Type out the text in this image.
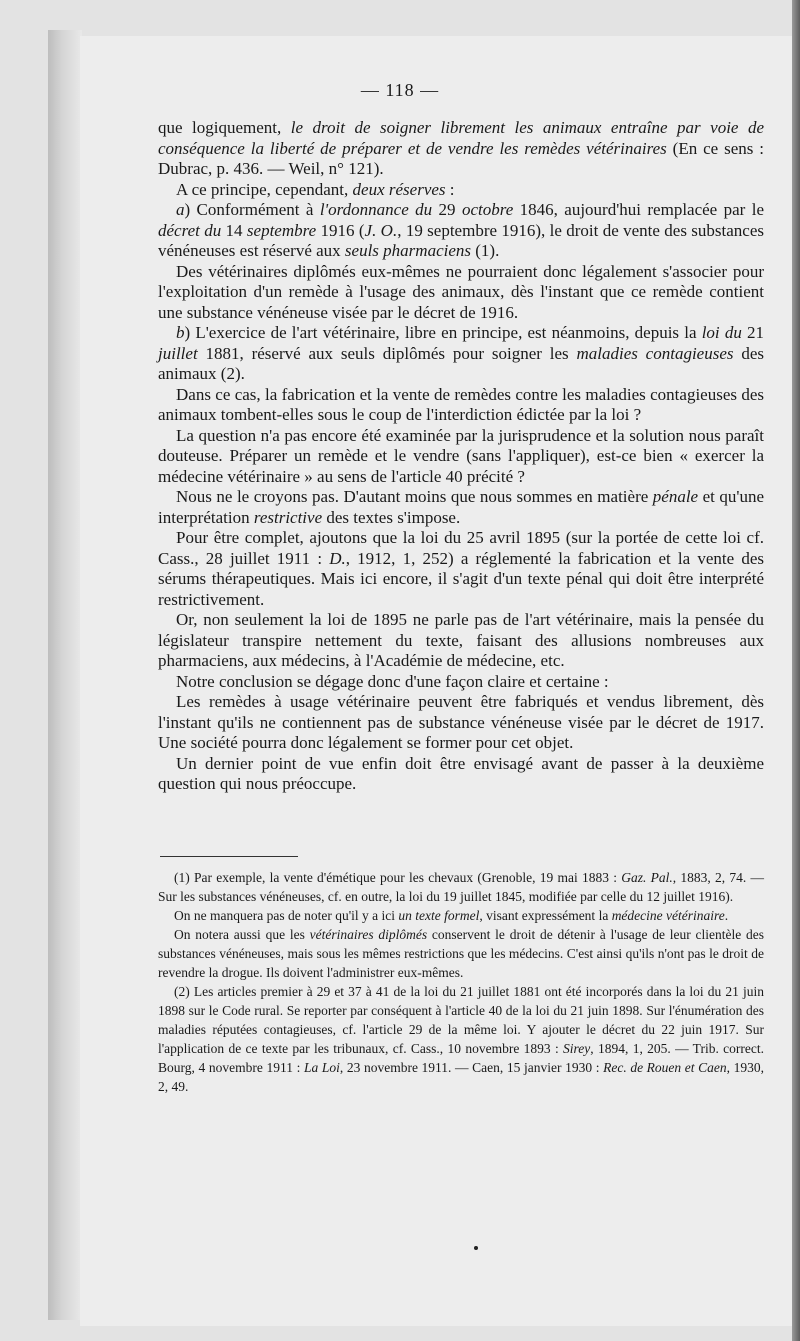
— 118 —

que logiquement, le droit de soigner librement les animaux entraîne par voie de conséquence la liberté de préparer et de vendre les remèdes vétérinaires (En ce sens : Dubrac, p. 436. — Weil, n° 121).

A ce principe, cependant, deux réserves :

a) Conformément à l'ordonnance du 29 octobre 1846, aujourd'hui remplacée par le décret du 14 septembre 1916 (J. O., 19 septembre 1916), le droit de vente des substances vénéneuses est réservé aux seuls pharmaciens (1).

Des vétérinaires diplômés eux-mêmes ne pourraient donc légalement s'associer pour l'exploitation d'un remède à l'usage des animaux, dès l'instant que ce remède contient une substance vénéneuse visée par le décret de 1916.

b) L'exercice de l'art vétérinaire, libre en principe, est néanmoins, depuis la loi du 21 juillet 1881, réservé aux seuls diplômés pour soigner les maladies contagieuses des animaux (2).

Dans ce cas, la fabrication et la vente de remèdes contre les maladies contagieuses des animaux tombent-elles sous le coup de l'interdiction édictée par la loi ?

La question n'a pas encore été examinée par la jurisprudence et la solution nous paraît douteuse. Préparer un remède et le vendre (sans l'appliquer), est-ce bien « exercer la médecine vétérinaire » au sens de l'article 40 précité ?

Nous ne le croyons pas. D'autant moins que nous sommes en matière pénale et qu'une interprétation restrictive des textes s'impose.

Pour être complet, ajoutons que la loi du 25 avril 1895 (sur la portée de cette loi cf. Cass., 28 juillet 1911 : D., 1912, 1, 252) a réglementé la fabrication et la vente des sérums thérapeutiques. Mais ici encore, il s'agit d'un texte pénal qui doit être interprété restrictivement.

Or, non seulement la loi de 1895 ne parle pas de l'art vétérinaire, mais la pensée du législateur transpire nettement du texte, faisant des allusions nombreuses aux pharmaciens, aux médecins, à l'Académie de médecine, etc.

Notre conclusion se dégage donc d'une façon claire et certaine :

Les remèdes à usage vétérinaire peuvent être fabriqués et vendus librement, dès l'instant qu'ils ne contiennent pas de substance vénéneuse visée par le décret de 1917. Une société pourra donc légalement se former pour cet objet.

Un dernier point de vue enfin doit être envisagé avant de passer à la deuxième question qui nous préoccupe.

(1) Par exemple, la vente d'émétique pour les chevaux (Grenoble, 19 mai 1883 : Gaz. Pal., 1883, 2, 74. — Sur les substances vénéneuses, cf. en outre, la loi du 19 juillet 1845, modifiée par celle du 12 juillet 1916).

On ne manquera pas de noter qu'il y a ici un texte formel, visant expressément la médecine vétérinaire.

On notera aussi que les vétérinaires diplômés conservent le droit de détenir à l'usage de leur clientèle des substances vénéneuses, mais sous les mêmes restrictions que les médecins. C'est ainsi qu'ils n'ont pas le droit de revendre la drogue. Ils doivent l'administrer eux-mêmes.

(2) Les articles premier à 29 et 37 à 41 de la loi du 21 juillet 1881 ont été incorporés dans la loi du 21 juin 1898 sur le Code rural. Se reporter par conséquent à l'article 40 de la loi du 21 juin 1898. Sur l'énumération des maladies réputées contagieuses, cf. l'article 29 de la même loi. Y ajouter le décret du 22 juin 1917. Sur l'application de ce texte par les tribunaux, cf. Cass., 10 novembre 1893 : Sirey, 1894, 1, 205. — Trib. correct. Bourg, 4 novembre 1911 : La Loi, 23 novembre 1911. — Caen, 15 janvier 1930 : Rec. de Rouen et Caen, 1930, 2, 49.
